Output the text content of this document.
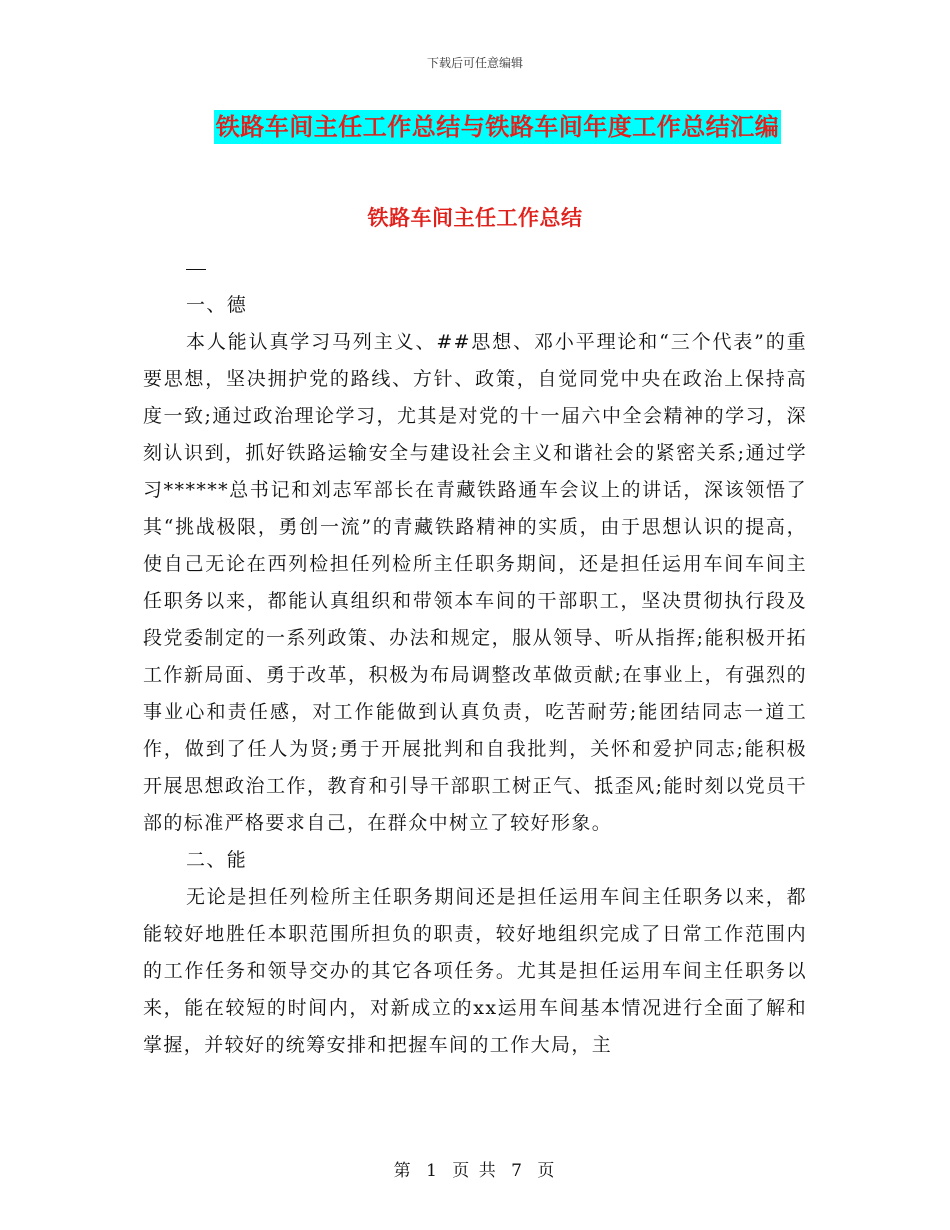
下载后可任意编辑
铁路车间主任工作总结与铁路车间年度工作总结汇编
铁路车间主任工作总结

一、德

本人能认真学习马列主义、##思想、邓小平理论和“三个代表”的重要思想，坚决拥护党的路线、方针、政策，自觉同党中央在政治上保持高度一致;通过政治理论学习，尤其是对党的十一届六中全会精神的学习，深刻认识到，抓好铁路运输安全与建设社会主义和谐社会的紧密关系;通过学习******总书记和刘志军部长在青藏铁路通车会议上的讲话，深该领悟了其“挑战极限，勇创一流”的青藏铁路精神的实质，由于思想认识的提高，使自己无论在西列检担任列检所主任职务期间，还是担任运用车间车间主任职务以来，都能认真组织和带领本车间的干部职工，坚决贯彻执行段及段党委制定的一系列政策、办法和规定，服从领导、听从指挥;能积极开拓工作新局面、勇于改革，积极为布局调整改革做贡献;在事业上，有强烈的事业心和责任感，对工作能做到认真负责，吃苦耐劳;能团结同志一道工作，做到了任人为贤;勇于开展批判和自我批判，关怀和爱护同志;能积极开展思想政治工作，教育和引导干部职工树正气、抵歪风;能时刻以党员干部的标准严格要求自己，在群众中树立了较好形象。

二、能

无论是担任列检所主任职务期间还是担任运用车间主任职务以来，都能较好地胜任本职范围所担负的职责，较好地组织完成了日常工作范围内的工作任务和领导交办的其它各项任务。尤其是担任运用车间主任职务以来，能在较短的时间内，对新成立的xx运用车间基本情况进行全面了解和掌握，并较好的统筹安排和把握车间的工作大局，主

第 1 页 共 7 页
